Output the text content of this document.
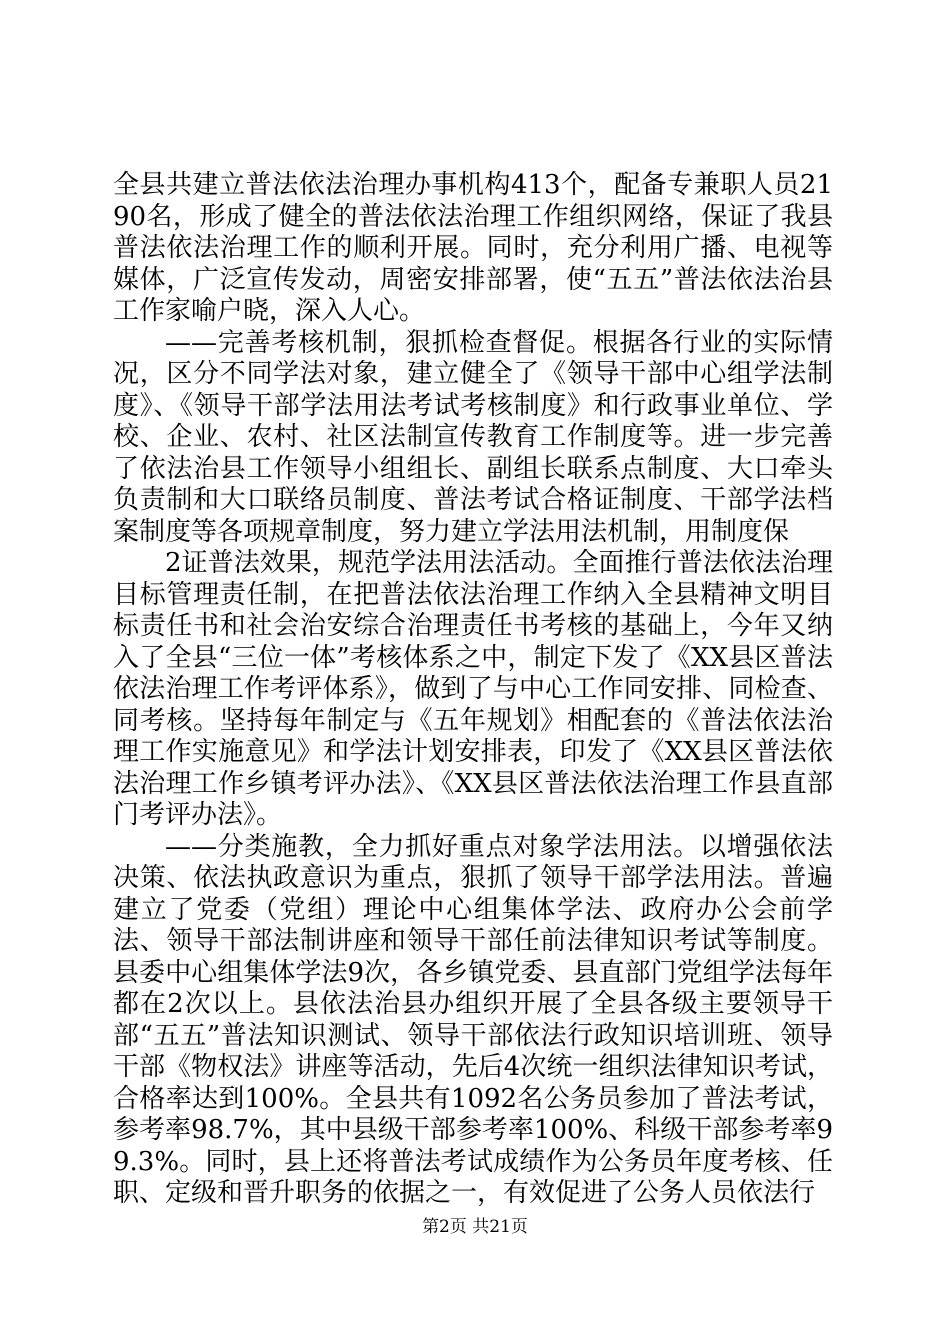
全县共建立普法依法治理办事机构413个，配备专兼职人员2190名，形成了健全的普法依法治理工作组织网络，保证了我县普法依法治理工作的顺利开展。同时，充分利用广播、电视等媒体，广泛宣传发动，周密安排部署，使“五五”普法依法治县工作家喻户晓，深入人心。

——完善考核机制，狠抓检查督促。根据各行业的实际情况，区分不同学法对象，建立健全了《领导干部中心组学法制度》、《领导干部学法用法考试考核制度》和行政事业单位、学校、企业、农村、社区法制宣传教育工作制度等。进一步完善了依法治县工作领导小组组长、副组长联系点制度、大口牵头负责制和大口联络员制度、普法考试合格证制度、干部学法档案制度等各项规章制度，努力建立学法用法机制，用制度保

2证普法效果，规范学法用法活动。全面推行普法依法治理目标管理责任制，在把普法依法治理工作纳入全县精神文明目标责任书和社会治安综合治理责任书考核的基础上，今年又纳入了全县“三位一体”考核体系之中，制定下发了《XX县区普法依法治理工作考评体系》，做到了与中心工作同安排、同检查、同考核。坚持每年制定与《五年规划》相配套的《普法依法治理工作实施意见》和学法计划安排表，印发了《XX县区普法依法治理工作乡镇考评办法》、《XX县区普法依法治理工作县直部门考评办法》。

——分类施教，全力抓好重点对象学法用法。以增强依法决策、依法执政意识为重点，狠抓了领导干部学法用法。普遍建立了党委（党组）理论中心组集体学法、政府办公会前学法、领导干部法制讲座和领导干部任前法律知识考试等制度。县委中心组集体学法9次，各乡镇党委、县直部门党组学法每年都在2次以上。县依法治县办组织开展了全县各级主要领导干部“五五”普法知识测试、领导干部依法行政知识培训班、领导干部《物权法》讲座等活动，先后4次统一组织法律知识考试，合格率达到100%。全县共有1092名公务员参加了普法考试，参考率98.7%，其中县级干部参考率100%、科级干部参考率99.3%。同时，县上还将普法考试成绩作为公务员年度考核、任职、定级和晋升职务的依据之一，有效促进了公务人员依法行

第2页 共21页
